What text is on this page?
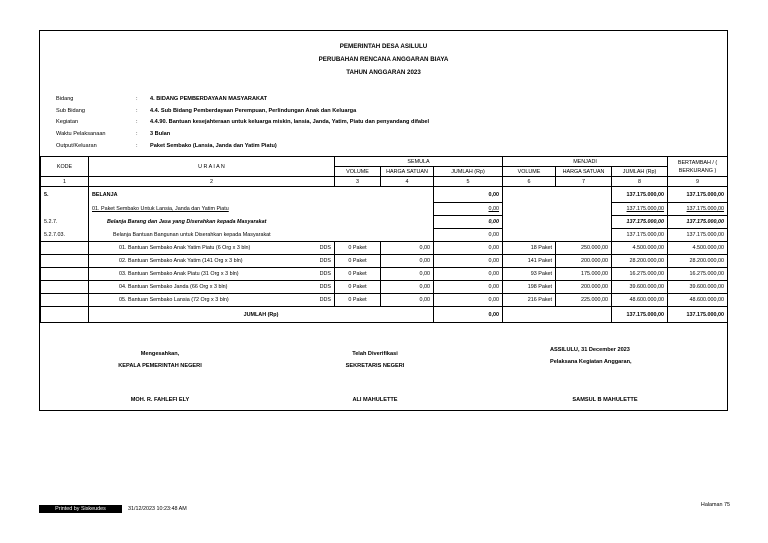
PEMERINTAH DESA ASILULU
PERUBAHAN RENCANA ANGGARAN BIAYA
TAHUN ANGGARAN 2023
Bidang	: 4. BIDANG PEMBERDAYAAN MASYARAKAT
Sub Bidang	: 4.4. Sub Bidang Pemberdayaan Perempuan, Perlindungan Anak dan Keluarga
Kegiatan	: 4.4.90. Bantuan kesejahteraan untuk keluarga miskin, lansia, Janda, Yatim, Piatu dan penyandang difabel
Waktu Pelaksanaan	: 3 Bulan
Output/Keluaran	: Paket Sembako (Lansia, Janda dan Yatim Piatu)
KODE	U R A I A N	SEMULA			MENJADI			BERTAMBAH / ( BERKURANG )
		VOLUME	HARGA SATUAN	JUMLAH (Rp)	VOLUME	HARGA SATUAN	JUMLAH (Rp)	
1	2	3	4	5	6	7	8	9
5.	BELANJA			0,00			137.175.000,00	137.175.000,00
	01. Paket Sembako Untuk Lansia, Janda dan Yatim Piatu			0,00			137.175.000,00	137.175.000,00
5.2.7.	Belanja Barang dan Jasa yang Diserahkan kepada Masyarakat			0,00			137.175.000,00	137.175.000,00
5.2.7.03.	Belanja Bantuan Bangunan untuk Diserahkan kepada Masyarakat			0,00			137.175.000,00	137.175.000,00
	01. Bantuan Sembako Anak Yatim Piatu (6 Org x 3 bln) DDS	0 Paket	0,00	0,00	18 Paket	250.000,00	4.500.000,00	4.500.000,00
	02. Bantuan Sembako Anak Yatim (141 Org x 3 bln) DDS	0 Paket	0,00	0,00	141 Paket	200.000,00	28.200.000,00	28.200.000,00
	03. Bantuan Sembako Anak Piatu (31 Org x 3 bln) DDS	0 Paket	0,00	0,00	93 Paket	175.000,00	16.275.000,00	16.275.000,00
	04. Bantuan Sembako Janda (66 Org x 3 bln) DDS	0 Paket	0,00	0,00	198 Paket	200.000,00	39.600.000,00	39.600.000,00
	05. Bantuan Sembako Lansia (72 Org x 3 bln) DDS	0 Paket	0,00	0,00	216 Paket	225.000,00	48.600.000,00	48.600.000,00
	JUMLAH (Rp)			0,00			137.175.000,00	137.175.000,00
Mengesahkan,
KEPALA PEMERINTAH NEGERI
MOH. R. FAHLEFI ELY
Telah Diverifikasi
SEKRETARIS NEGERI
ALI MAHULETTE
ASSILULU, 31 December 2023
Pelaksana Kegiatan Anggaran,
SAMSUL B MAHULETTE
Printed by Siskeudes	31/12/2023 10:23:48 AM
Halaman 75
